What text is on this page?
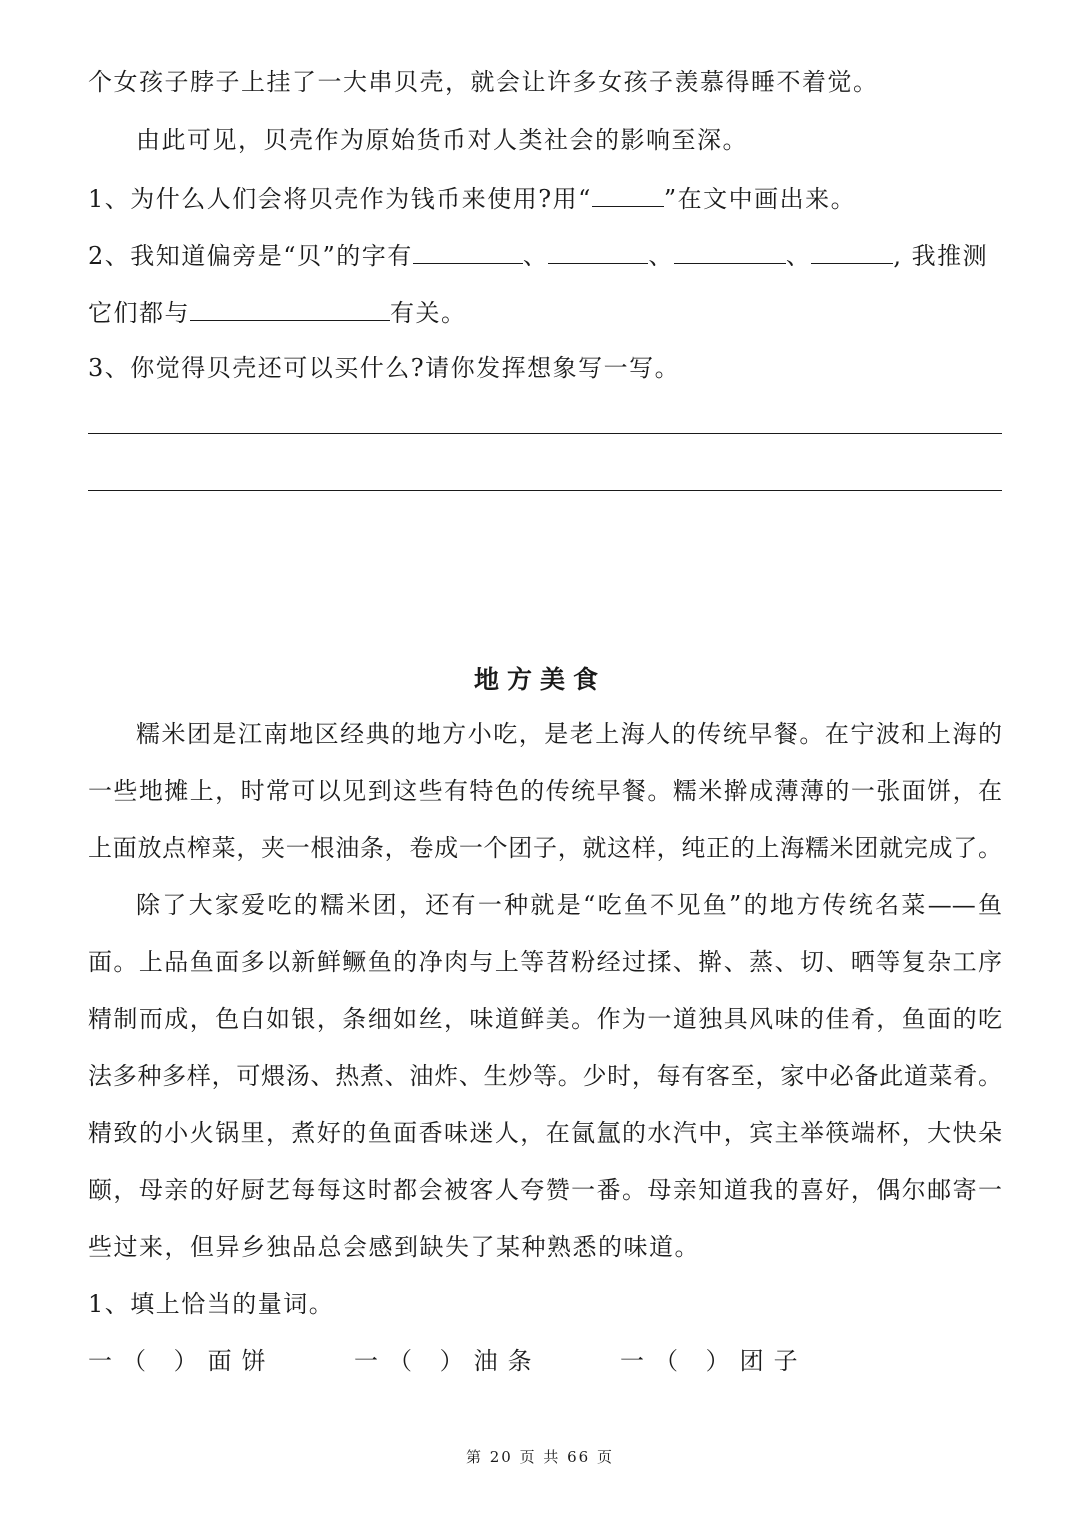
个女孩子脖子上挂了一大串贝壳，就会让许多女孩子羡慕得睡不着觉。
由此可见，贝壳作为原始货币对人类社会的影响至深。
1、为什么人们会将贝壳作为钱币来使用?用“	”在文中画出来。
2、我知道偏旁是“贝”的字有	、	、	、	, 我推测
它们都与	有关。
3、你觉得贝壳还可以买什么?请你发挥想象写一写。
地方美食
糯米团是江南地区经典的地方小吃，是老上海人的传统早餐。在宁波和上海的
一些地摊上，时常可以见到这些有特色的传统早餐。糯米擀成薄薄的一张面饼，在
上面放点榨菜，夹一根油条，卷成一个团子，就这样，纯正的上海糯米团就完成了。
除了大家爱吃的糯米团，还有一种就是“吃鱼不见鱼”的地方传统名菜——鱼
面。上品鱼面多以新鲜鳜鱼的净肉与上等苕粉经过揉、擀、蒸、切、晒等复杂工序
精制而成，色白如银，条细如丝，味道鲜美。作为一道独具风味的佳肴，鱼面的吃
法多种多样，可煨汤、热煮、油炸、生炒等。少时，每有客至，家中必备此道菜肴。
精致的小火锅里，煮好的鱼面香味迷人，在氤氲的水汽中，宾主举筷端杯，大快朵
颐，母亲的好厨艺每每这时都会被客人夸赞一番。母亲知道我的喜好，偶尔邮寄一
些过来，但异乡独品总会感到缺失了某种熟悉的味道。
1、填上恰当的量词。
一（ ）面饼	一（ ）油条	一（ ）团子
第 20 页 共 66 页
